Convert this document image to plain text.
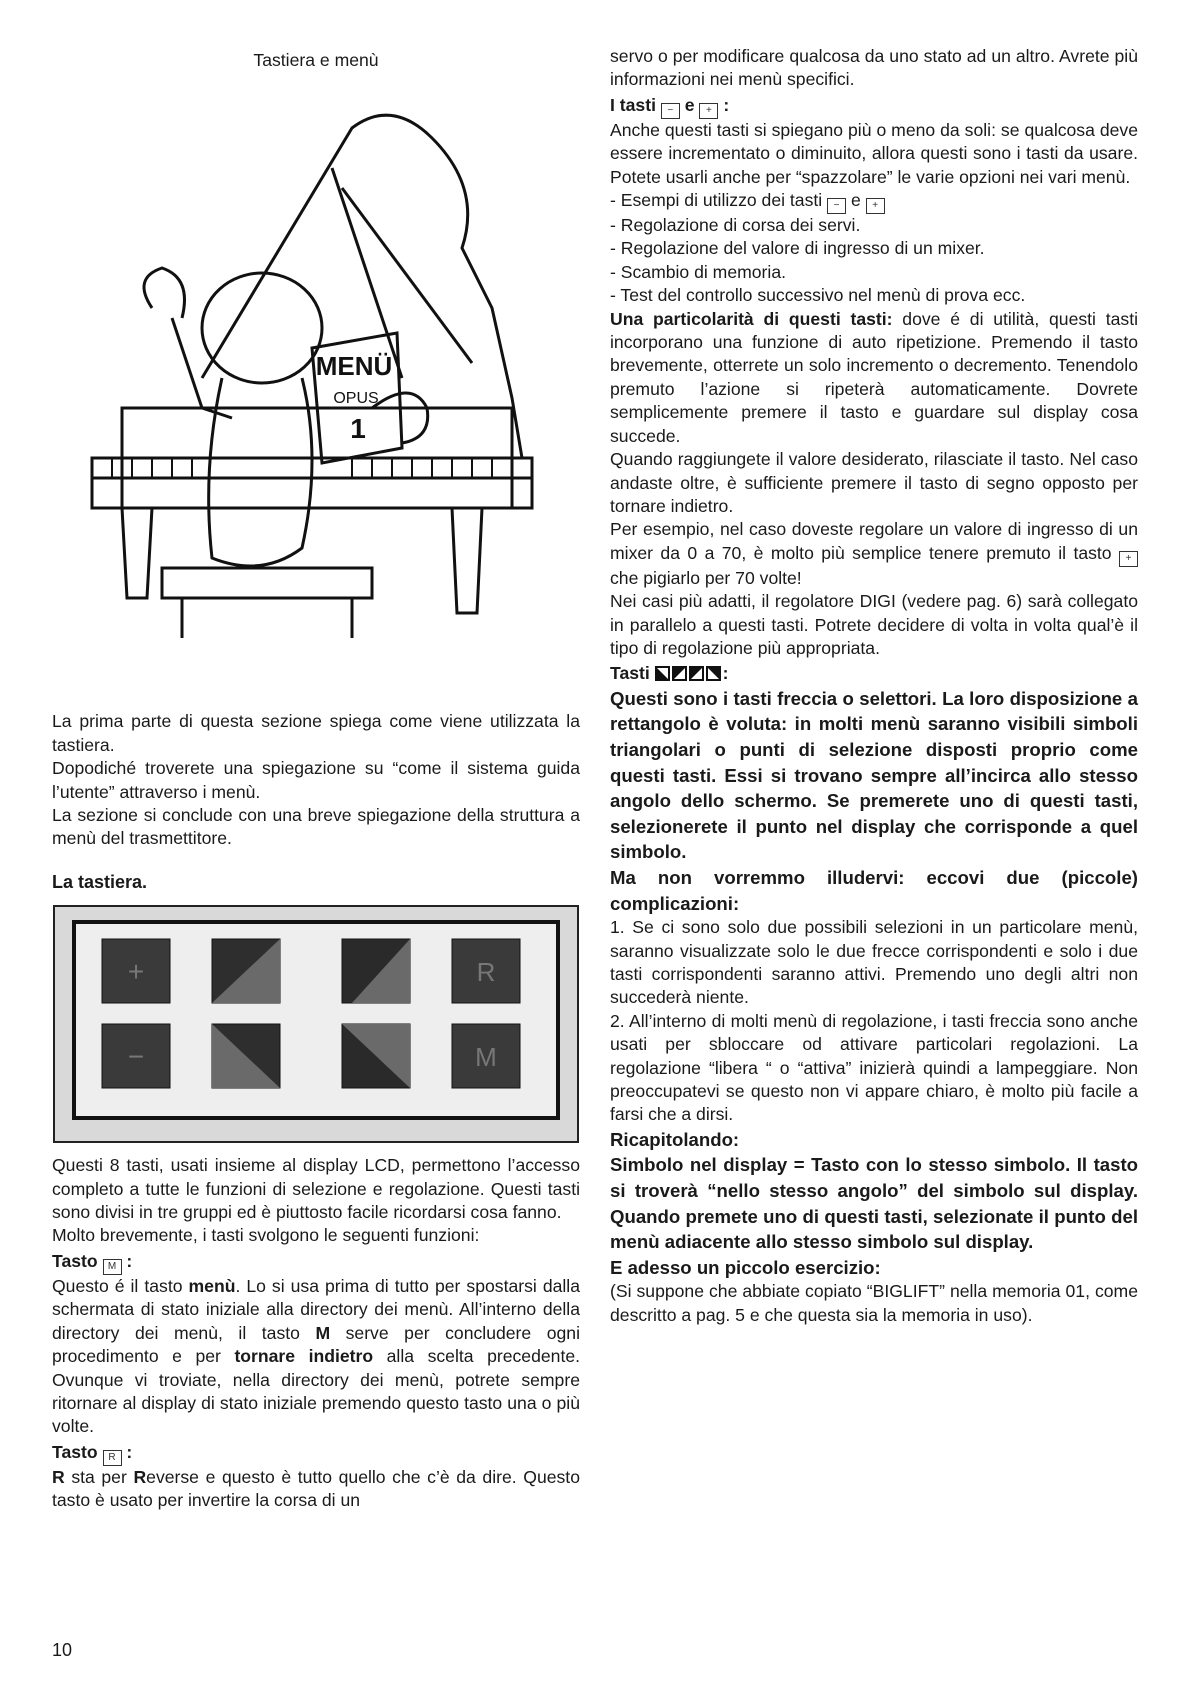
Tastiera e menù

MENÜ
OPUS
1

La prima parte di questa sezione spiega come viene utilizzata la tastiera.

Dopodiché troverete una spiegazione su “come il sistema guida l’utente” attraverso i menù.

La sezione si conclude con una breve spiegazione della struttura a menù del trasmettitore.

La tastiera.

+	R
−	M

Questi 8 tasti, usati insieme al display LCD, permettono l’accesso completo a tutte le funzioni di selezione e regolazione. Questi tasti sono divisi in tre gruppi ed è piuttosto facile ricordarsi cosa fanno.

Molto brevemente, i tasti svolgono le seguenti funzioni:

Tasto M :

Questo é il tasto menù. Lo si usa prima di tutto per spostarsi dalla schermata di stato iniziale alla directory dei menù. All’interno della directory dei menù, il tasto M serve per concludere ogni procedimento e per tornare indietro alla scelta precedente. Ovunque vi troviate, nella directory dei menù, potrete sempre ritornare al display di stato iniziale premendo questo tasto una o più volte.

Tasto R :

R sta per Reverse e questo è tutto quello che c’è da dire. Questo tasto è usato per invertire la corsa di un

servo o per modificare qualcosa da uno stato ad un altro. Avrete più informazioni nei menù specifici.

I tasti − e + :

Anche questi tasti si spiegano più o meno da soli: se qualcosa deve essere incrementato o diminuito, allora questi sono i tasti da usare. Potete usarli anche per “spazzolare” le varie opzioni nei vari menù.

- Esempi di utilizzo dei tasti − e +

- Regolazione di corsa dei servi.

- Regolazione del valore di ingresso di un mixer.

- Scambio di memoria.

- Test del controllo successivo nel menù di prova ecc.

Una particolarità di questi tasti: dove é di utilità, questi tasti incorporano una funzione di auto ripetizione. Premendo il tasto brevemente, otterrete un solo incremento o decremento. Tenendolo premuto l’azione si ripeterà automaticamente. Dovrete semplicemente premere il tasto e guardare sul display cosa succede.

Quando raggiungete il valore desiderato, rilasciate il tasto. Nel caso andaste oltre, è sufficiente premere il tasto di segno opposto per tornare indietro.

Per esempio, nel caso doveste regolare un valore di ingresso di un mixer da 0 a 70, è molto più semplice tenere premuto il tasto + che pigiarlo per 70 volte!

Nei casi più adatti, il regolatore DIGI (vedere pag. 6) sarà collegato in parallelo a questi tasti. Potrete decidere di volta in volta qual’è il tipo di regolazione più appropriata.

Tasti	:

Questi sono i tasti freccia o selettori. La loro disposizione a rettangolo è voluta: in molti menù saranno visibili simboli triangolari o punti di selezione disposti proprio come questi tasti. Essi si trovano sempre all’incirca allo stesso angolo dello schermo. Se premerete uno di questi tasti, selezionerete il punto nel display che corrisponde a quel simbolo.

Ma non vorremmo illudervi: eccovi due (piccole) complicazioni:

1. Se ci sono solo due possibili selezioni in un particolare menù, saranno visualizzate solo le due frecce corrispondenti e solo i due tasti corrispondenti saranno attivi. Premendo uno degli altri non succederà niente.

2. All’interno di molti menù di regolazione, i tasti freccia sono anche usati per sbloccare od attivare particolari regolazioni. La regolazione “libera “ o “attiva” inizierà quindi a lampeggiare. Non preoccupatevi se questo non vi appare chiaro, è molto più facile a farsi che a dirsi.

Ricapitolando:

Simbolo nel display = Tasto con lo stesso simbolo. Il tasto si troverà “nello stesso angolo” del simbolo sul display. Quando premete uno di questi tasti, selezionate il punto del menù adiacente allo stesso simbolo sul display.

E adesso un piccolo esercizio:

(Si suppone che abbiate copiato “BIGLIFT” nella memoria 01, come descritto a pag. 5 e che questa sia la memoria in uso).

10
